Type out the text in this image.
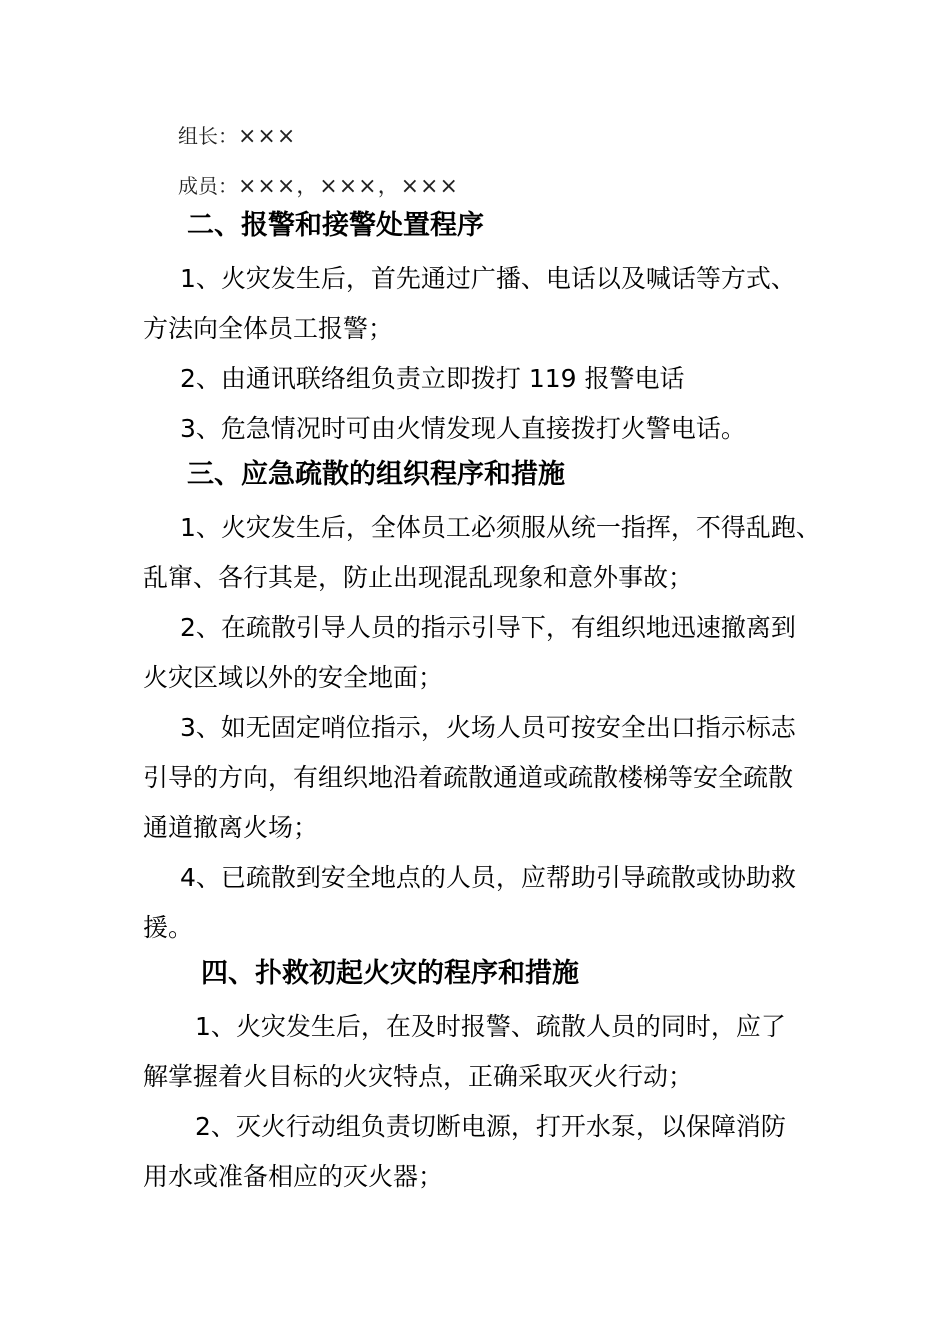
组长：×××
成员：×××，×××，×××
二、报警和接警处置程序
1、火灾发生后，首先通过广播、电话以及喊话等方式、
方法向全体员工报警；
2、由通讯联络组负责立即拨打 119 报警电话
3、危急情况时可由火情发现人直接拨打火警电话。
三、应急疏散的组织程序和措施
1、火灾发生后，全体员工必须服从统一指挥，不得乱跑、
乱窜、各行其是，防止出现混乱现象和意外事故；
2、在疏散引导人员的指示引导下，有组织地迅速撤离到
火灾区域以外的安全地面；
3、如无固定哨位指示，火场人员可按安全出口指示标志
引导的方向，有组织地沿着疏散通道或疏散楼梯等安全疏散
通道撤离火场；
4、已疏散到安全地点的人员，应帮助引导疏散或协助救
援。
四、扑救初起火灾的程序和措施
1、火灾发生后，在及时报警、疏散人员的同时，应了
解掌握着火目标的火灾特点，正确采取灭火行动；
2、灭火行动组负责切断电源，打开水泵，以保障消防
用水或准备相应的灭火器；
